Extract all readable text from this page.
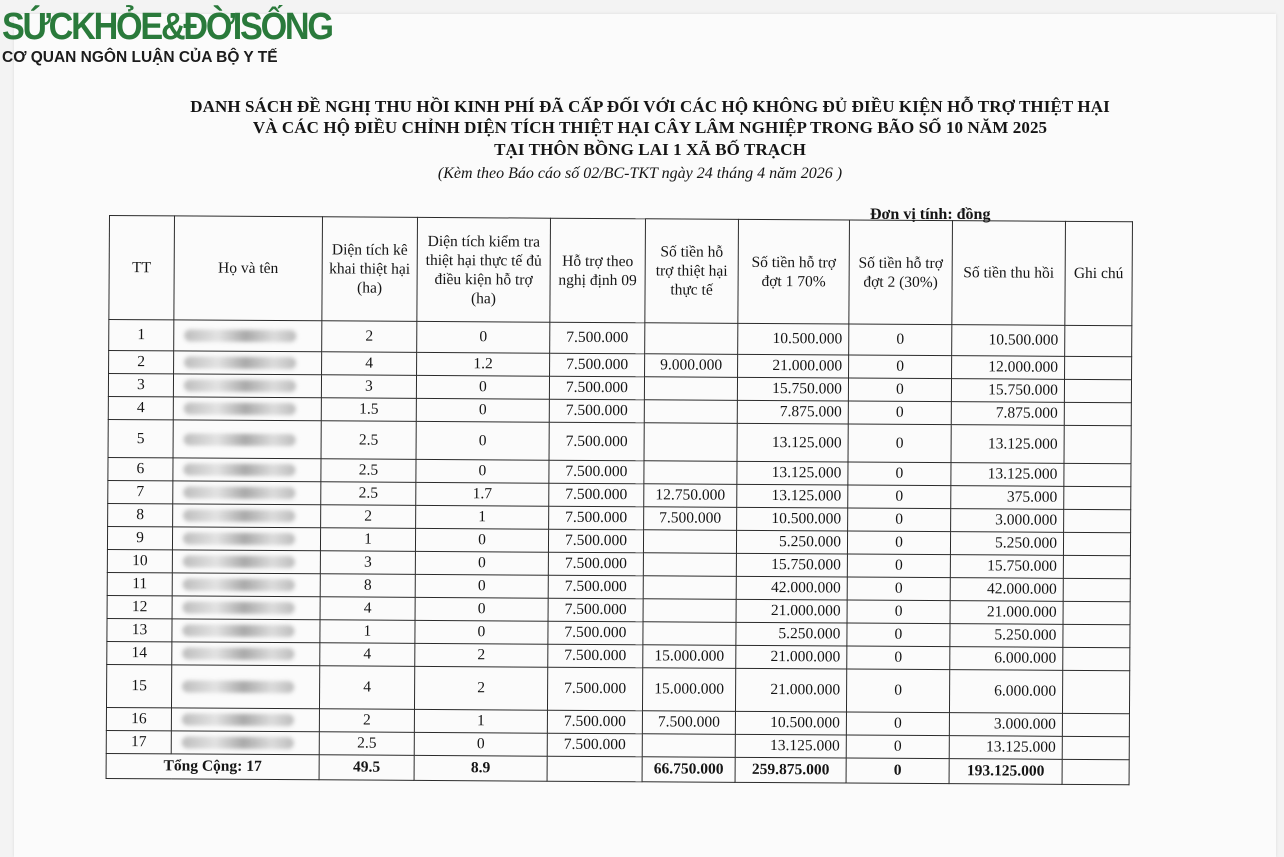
SỨCKHỎE&ĐỜISỐNG
CƠ QUAN NGÔN LUẬN CỦA BỘ Y TẾ
DANH SÁCH ĐỀ NGHỊ THU HỒI KINH PHÍ ĐÃ CẤP ĐỐI VỚI CÁC HỘ KHÔNG ĐỦ ĐIỀU KIỆN HỖ TRỢ THIỆT HẠI
VÀ CÁC HỘ ĐIỀU CHỈNH DIỆN TÍCH THIỆT HẠI CÂY LÂM NGHIỆP TRONG BÃO SỐ 10 NĂM 2025
TẠI THÔN BỒNG LAI 1 XÃ BỐ TRẠCH
(Kèm theo Báo cáo số 02/BC-TKT ngày 24 tháng 4 năm 2026 )
Đơn vị tính: đồng
TT	Họ và tên	Diện tích kê khai thiệt hại (ha)	Diện tích kiểm tra thiệt hại thực tế đủ điều kiện hỗ trợ (ha)	Hỗ trợ theo nghị định 09	Số tiền hỗ trợ thiệt hại thực tế	Số tiền hỗ trợ đợt 1 70%	Số tiền hỗ trợ đợt 2 (30%)	Số tiền thu hồi	Ghi chú
1		2	0	7.500.000		10.500.000	0	10.500.000	
2		4	1.2	7.500.000	9.000.000	21.000.000	0	12.000.000	
3		3	0	7.500.000		15.750.000	0	15.750.000	
4		1.5	0	7.500.000		7.875.000	0	7.875.000	
5		2.5	0	7.500.000		13.125.000	0	13.125.000	
6		2.5	0	7.500.000		13.125.000	0	13.125.000	
7		2.5	1.7	7.500.000	12.750.000	13.125.000	0	375.000	
8		2	1	7.500.000	7.500.000	10.500.000	0	3.000.000	
9		1	0	7.500.000		5.250.000	0	5.250.000	
10		3	0	7.500.000		15.750.000	0	15.750.000	
11		8	0	7.500.000		42.000.000	0	42.000.000	
12		4	0	7.500.000		21.000.000	0	21.000.000	
13		1	0	7.500.000		5.250.000	0	5.250.000	
14		4	2	7.500.000	15.000.000	21.000.000	0	6.000.000	
15		4	2	7.500.000	15.000.000	21.000.000	0	6.000.000	
16		2	1	7.500.000	7.500.000	10.500.000	0	3.000.000	
17		2.5	0	7.500.000		13.125.000	0	13.125.000	
Tổng Cộng: 17		49.5	8.9		66.750.000	259.875.000	0	193.125.000	
